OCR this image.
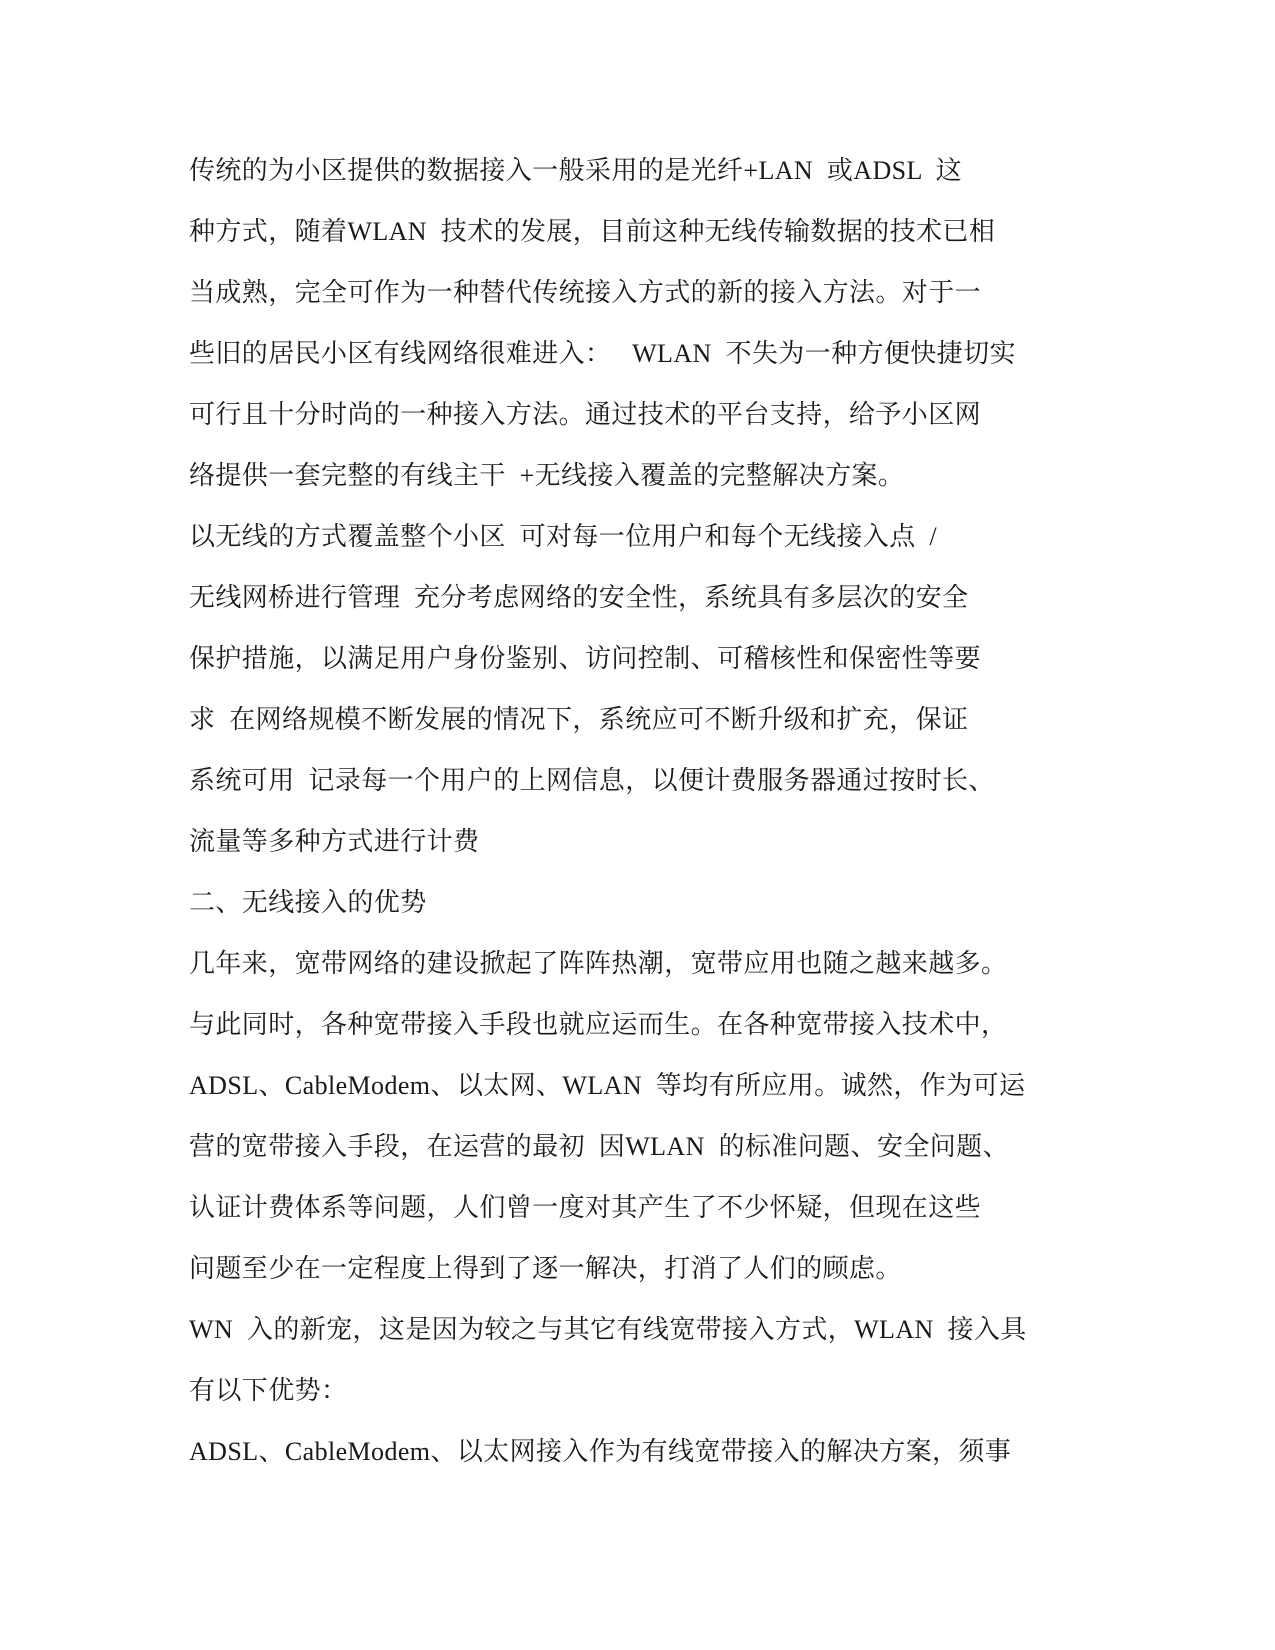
传统的为小区提供的数据接入一般采用的是光纤+LAN  或ADSL  这
种方式，随着WLAN  技术的发展，目前这种无线传输数据的技术已相
当成熟，完全可作为一种替代传统接入方式的新的接入方法。对于一
些旧的居民小区有线网络很难进入：   WLAN  不失为一种方便快捷切实
可行且十分时尚的一种接入方法。通过技术的平台支持，给予小区网
络提供一套完整的有线主干  +无线接入覆盖的完整解决方案。
以无线的方式覆盖整个小区  可对每一位用户和每个无线接入点  /
无线网桥进行管理  充分考虑网络的安全性，系统具有多层次的安全
保护措施，以满足用户身份鉴别、访问控制、可稽核性和保密性等要
求  在网络规模不断发展的情况下，系统应可不断升级和扩充，保证
系统可用  记录每一个用户的上网信息，以便计费服务器通过按时长、
流量等多种方式进行计费
二、无线接入的优势
几年来，宽带网络的建设掀起了阵阵热潮，宽带应用也随之越来越多。
与此同时，各种宽带接入手段也就应运而生。在各种宽带接入技术中，
ADSL、CableModem、以太网、WLAN  等均有所应用。诚然，作为可运
营的宽带接入手段，在运营的最初  因WLAN  的标准问题、安全问题、
认证计费体系等问题，人们曾一度对其产生了不少怀疑，但现在这些
问题至少在一定程度上得到了逐一解决，打消了人们的顾虑。
WN  入的新宠，这是因为较之与其它有线宽带接入方式，WLAN  接入具
有以下优势：
ADSL、CableModem、以太网接入作为有线宽带接入的解决方案，须事
